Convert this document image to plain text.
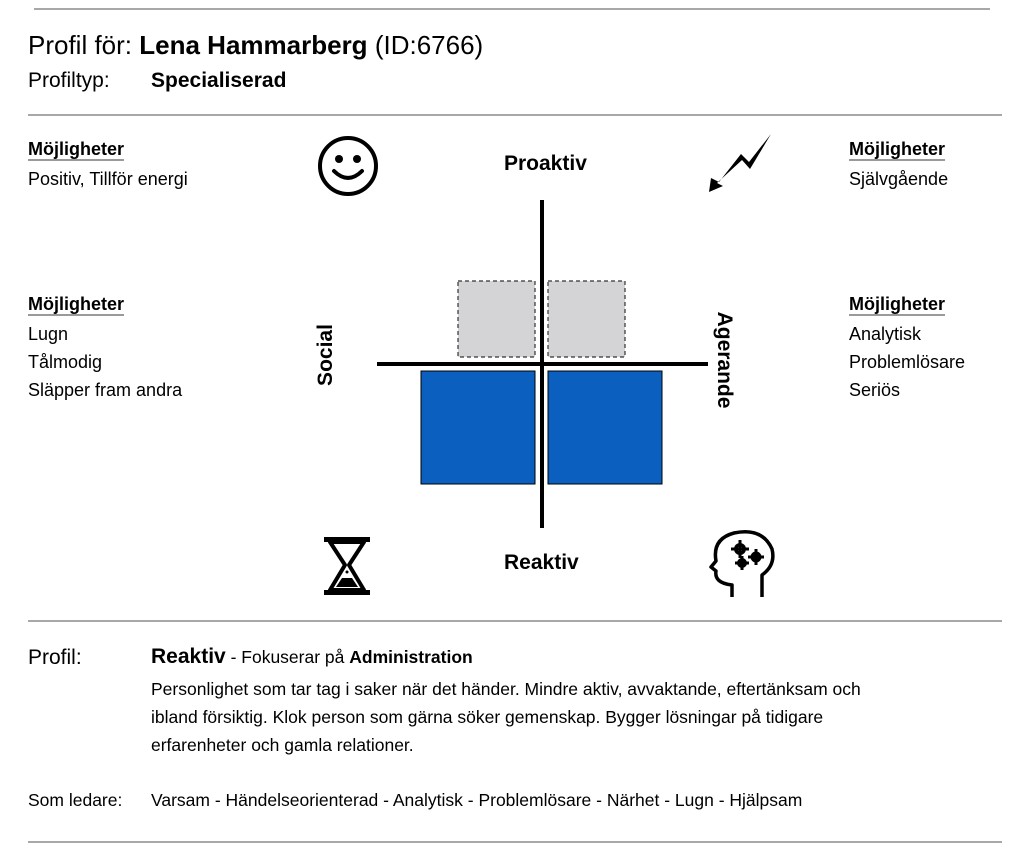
Profil för: Lena Hammarberg (ID:6766)
Profiltyp: Specialiserad
Möjligheter
Positiv, Tillför energi
Möjligheter
Självgående
Möjligheter
Lugn
Tålmodig
Släpper fram andra
Möjligheter
Analytisk
Problemlösare
Seriös
Proaktiv
Reaktiv
Social	Agerande
Profil:	Reaktiv - Fokuserar på Administration
Personlighet som tar tag i saker när det händer. Mindre aktiv, avvaktande, eftertänksam och
ibland försiktig. Klok person som gärna söker gemenskap. Bygger lösningar på tidigare
erfarenheter och gamla relationer.
Som ledare: Varsam - Händelseorienterad - Analytisk - Problemlösare - Närhet - Lugn - Hjälpsam
